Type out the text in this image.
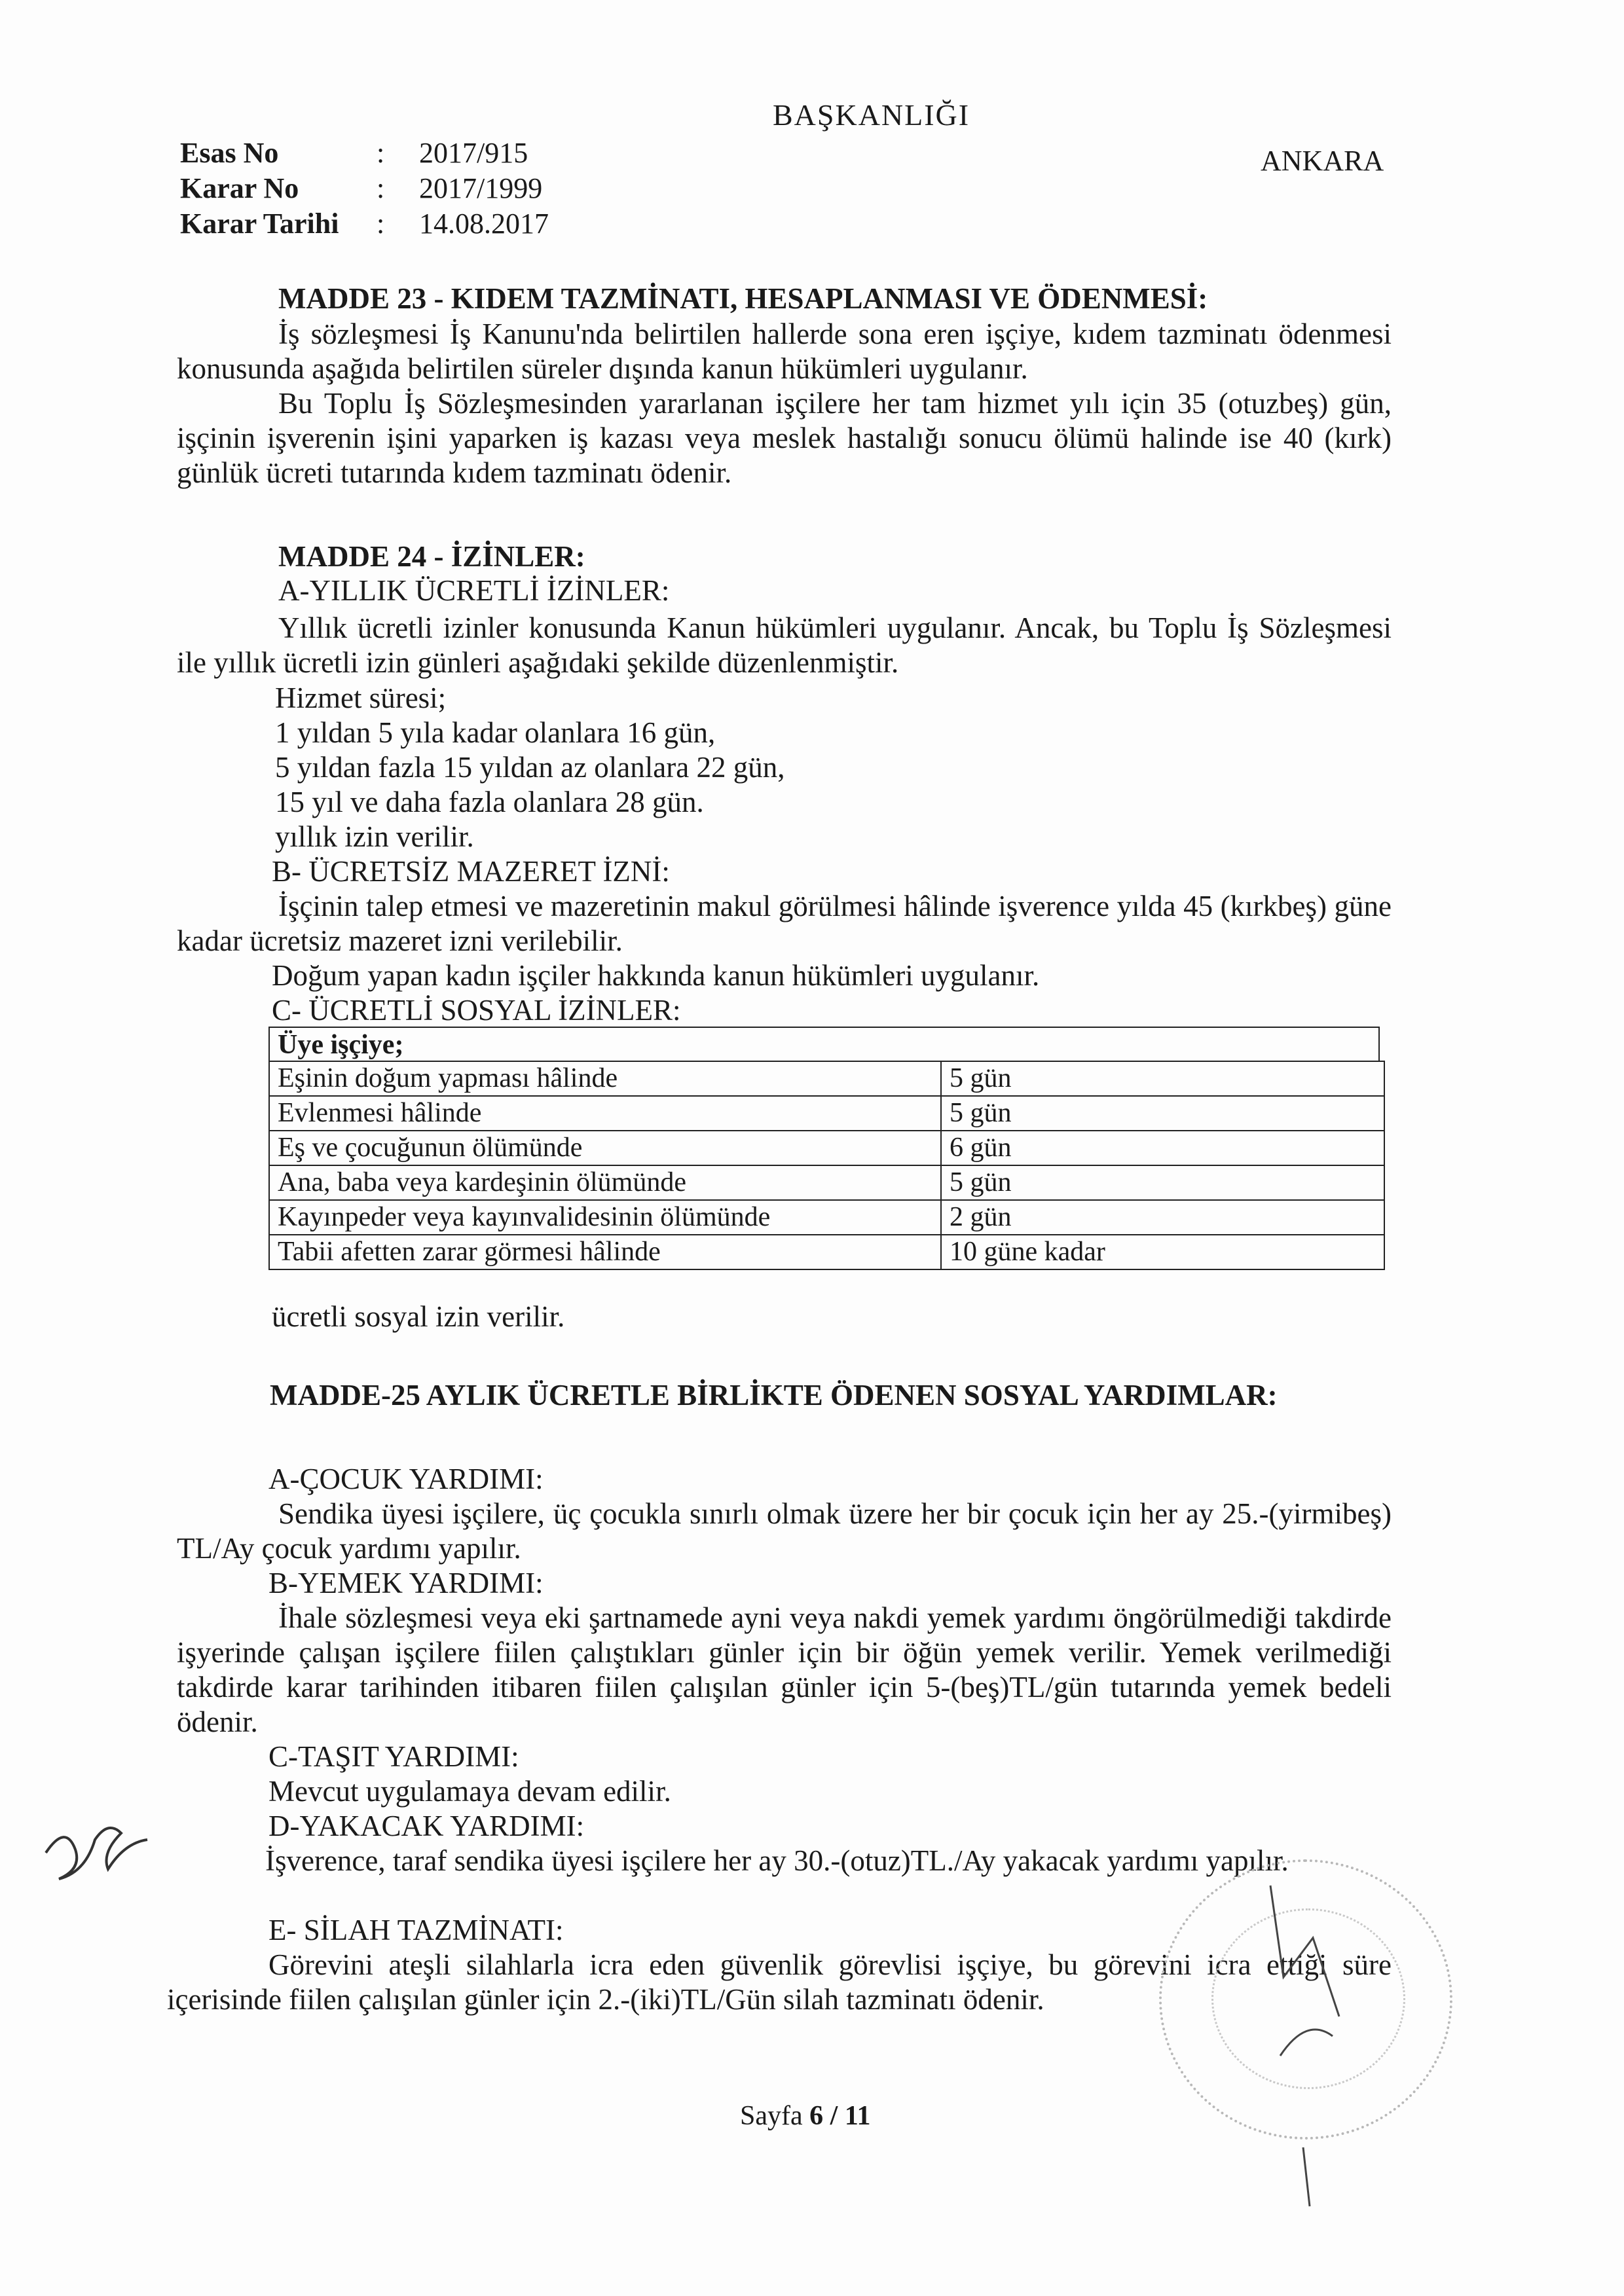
BAŞKANLIĞI
Esas No	: 2017/915
Karar No	: 2017/1999
Karar Tarihi : 14.08.2017
ANKARA
MADDE 23 - KIDEM TAZMİNATI, HESAPLANMASI VE ÖDENMESİ:
İş sözleşmesi İş Kanunu'nda belirtilen hallerde sona eren işçiye, kıdem tazminatı ödenmesi konusunda aşağıda belirtilen süreler dışında kanun hükümleri uygulanır.
Bu Toplu İş Sözleşmesinden yararlanan işçilere her tam hizmet yılı için 35 (otuzbeş) gün, işçinin işverenin işini yaparken iş kazası veya meslek hastalığı sonucu ölümü halinde ise 40 (kırk) günlük ücreti tutarında kıdem tazminatı ödenir.
MADDE 24 - İZİNLER:
A-YILLIK ÜCRETLİ İZİNLER:
Yıllık ücretli izinler konusunda Kanun hükümleri uygulanır. Ancak, bu Toplu İş Sözleşmesi ile yıllık ücretli izin günleri aşağıdaki şekilde düzenlenmiştir.
Hizmet süresi;
1 yıldan 5 yıla kadar olanlara 16 gün,
5 yıldan fazla 15 yıldan az olanlara 22 gün,
15 yıl ve daha fazla olanlara 28 gün.
yıllık izin verilir.
B- ÜCRETSİZ MAZERET İZNİ:
İşçinin talep etmesi ve mazeretinin makul görülmesi hâlinde işverence yılda 45 (kırkbeş) güne kadar ücretsiz mazeret izni verilebilir.
Doğum yapan kadın işçiler hakkında kanun hükümleri uygulanır.
C- ÜCRETLİ SOSYAL İZİNLER:
Üye işçiye;
Eşinin doğum yapması hâlinde	5 gün
Evlenmesi hâlinde	5 gün
Eş ve çocuğunun ölümünde	6 gün
Ana, baba veya kardeşinin ölümünde	5 gün
Kayınpeder veya kayınvalidesinin ölümünde	2 gün
Tabii afetten zarar görmesi hâlinde	10 güne kadar
ücretli sosyal izin verilir.
MADDE-25 AYLIK ÜCRETLE BİRLİKTE ÖDENEN SOSYAL YARDIMLAR:
A-ÇOCUK YARDIMI:
Sendika üyesi işçilere, üç çocukla sınırlı olmak üzere her bir çocuk için her ay 25.-(yirmibeş) TL/Ay çocuk yardımı yapılır.
B-YEMEK YARDIMI:
İhale sözleşmesi veya eki şartnamede ayni veya nakdi yemek yardımı öngörülmediği takdirde işyerinde çalışan işçilere fiilen çalıştıkları günler için bir öğün yemek verilir. Yemek verilmediği takdirde karar tarihinden itibaren fiilen çalışılan günler için 5-(beş)TL/gün tutarında yemek bedeli ödenir.
C-TAŞIT YARDIMI:
Mevcut uygulamaya devam edilir.
D-YAKACAK YARDIMI:
İşverence, taraf sendika üyesi işçilere her ay 30.-(otuz)TL./Ay yakacak yardımı yapılır.
E- SİLAH TAZMİNATI:
Görevini ateşli silahlarla icra eden güvenlik görevlisi işçiye, bu görevini icra ettiği süre içerisinde fiilen çalışılan günler için 2.-(iki)TL/Gün silah tazminatı ödenir.
Sayfa 6 / 11
